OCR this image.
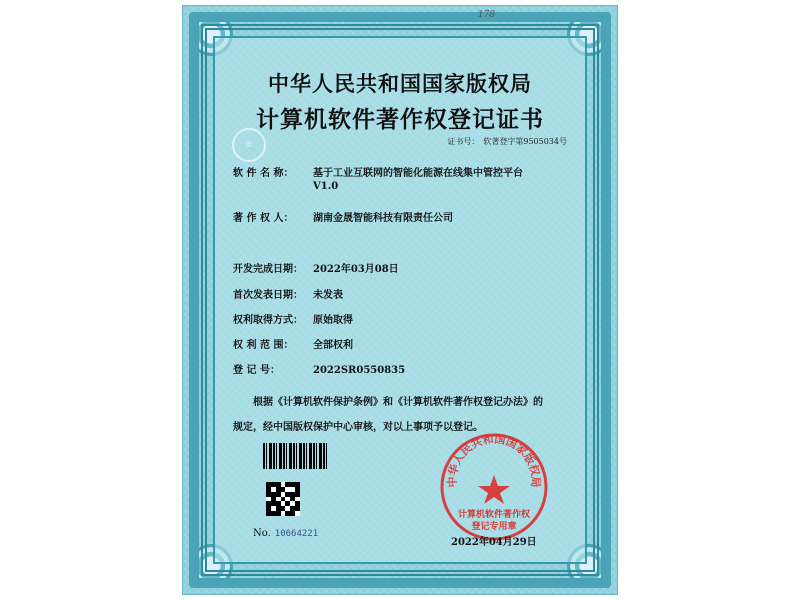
178
中华人民共和国国家版权局
计算机软件著作权登记证书
©	证书号： 软著登字第9505034号
软 件 名 称： 基于工业互联网的智能化能源在线集中管控平台
V1.0
著 作 权 人： 湖南金晟智能科技有限责任公司
开发完成日期： 2022年03月08日
首次发表日期： 未发表
权利取得方式： 原始取得
权 利 范 围： 全部权利
登 记 号：	2022SR0550835
根据《计算机软件保护条例》和《计算机软件著作权登记办法》的
规定，经中国版权保护中心审核，对以上事项予以登记。
No. 10664221
中华人民共和国国家版权局
计算机软件著作权
登记专用章
2022年04月29日
